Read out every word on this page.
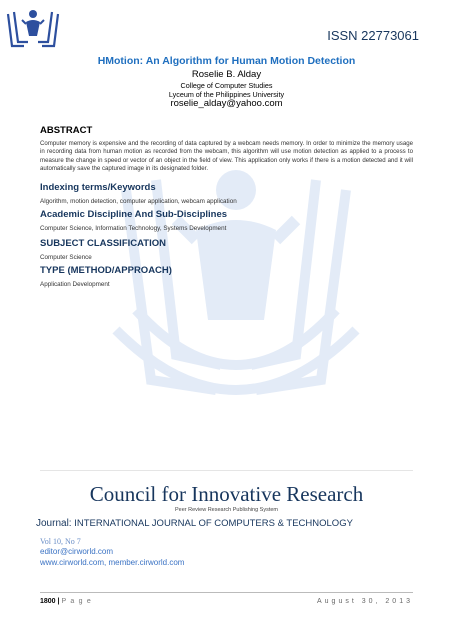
ISSN 22773061
HMotion: An Algorithm for Human Motion Detection
Roselie B. Alday
College of Computer Studies
Lyceum of the Philippines University
roselie_alday@yahoo.com
ABSTRACT
Computer memory is expensive and the recording of data captured by a webcam needs memory. In order to minimize the memory usage in recording data from human motion as recorded from the webcam, this algorithm will use motion detection as applied to a process to measure the change in speed or vector of an object in the field of view. This application only works if there is a motion detected and it will automatically save the captured image in its designated folder.
Indexing terms/Keywords
Algorithm, motion detection, computer application, webcam application
Academic Discipline And Sub-Disciplines
Computer Science, Information Technology, Systems Development
SUBJECT CLASSIFICATION
Computer Science
TYPE (METHOD/APPROACH)
Application Development
Council for Innovative Research
Peer Review Research Publishing System
Journal: INTERNATIONAL JOURNAL OF COMPUTERS & TECHNOLOGY
Vol 10, No 7
editor@cirworld.com
www.cirworld.com, member.cirworld.com
1800 | P a g e	August 30, 2013
